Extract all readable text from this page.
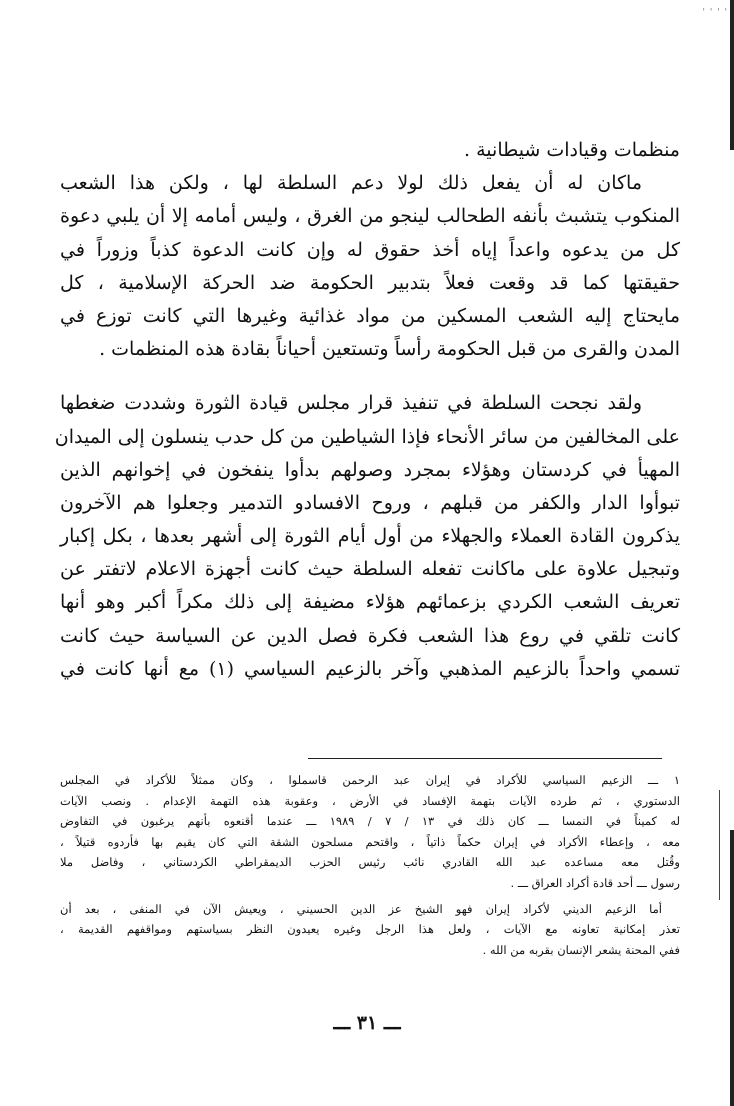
' ' ' '
منظمات وقيادات شيطانية .
ماكان له أن يفعل ذلك لولا دعم السلطة لها ، ولكن هذا الشعب
المنكوب يتشبث بأنفه الطحالب لينجو من الغرق ، وليس أمامه إلا أن يلبي دعوة
كل من يدعوه واعداً إياه أخذ حقوق له وإن كانت الدعوة كذباً وزوراً في
حقيقتها كما قد وقعت فعلاً بتدبير الحكومة ضد الحركة الإسلامية ، كل
مايحتاج إليه الشعب المسكين من مواد غذائية وغيرها التي كانت توزع في
المدن والقرى من قبل الحكومة رأساً وتستعين أحياناً بقادة هذه المنظمات .
ولقد نجحت السلطة في تنفيذ قرار مجلس قيادة الثورة وشددت ضغطها
على المخالفين من سائر الأنحاء فإذا الشياطين من كل حدب ينسلون إلى الميدان
المهيأ في كردستان وهؤلاء بمجرد وصولهم بدأوا ينفخون في إخوانهم الذين
تبوأوا الدار والكفر من قبلهم ، وروح الافسادو التدمير وجعلوا هم الآخرون
يذكرون القادة العملاء والجهلاء من أول أيام الثورة إلى أشهر بعدها ، بكل إكبار
وتبجيل علاوة على ماكانت تفعله السلطة حيث كانت أجهزة الاعلام لاتفتر عن
تعريف الشعب الكردي بزعمائهم هؤلاء مضيفة إلى ذلك مكراً أكبر وهو أنها
كانت تلقي في روع هذا الشعب فكرة فصل الدين عن السياسة حيث كانت
تسمي واحداً بالزعيم المذهبي وآخر بالزعيم السياسي (١) مع أنها كانت في
١ ـــ الزعيم السياسي للأكراد في إيران عبد الرحمن قاسملوا ، وكان ممثلاً للأكراد في المجلس
الدستوري ، ثم طرده الآيات بتهمة الإفساد في الأرض ، وعقوبة هذه التهمة الإعدام . ونصب الآيات
له كميناً في النمسا ـــ كان ذلك في ١٣ / ٧ / ١٩٨٩ ـــ عندما أقنعوه بأنهم يرغبون في التفاوض
معه ، وإعطاء الأكراد في إيران حكماً ذاتياً ، واقتحم مسلحون الشقة التي كان يقيم بها فأردوه قتيلاً ،
وقُتل معه مساعده عبد الله القادري نائب رئيس الحزب الديمقراطي الكردستاني ، وفاضل ملا
رسول ـــ أحد قادة أكراد العراق ـــ .
أما الزعيم الديني لأكراد إيران فهو الشيخ عز الدين الحسيني ، ويعيش الآن في المنفى ، بعد أن
تعذر إمكانية تعاونه مع الآيات ، ولعل هذا الرجل وغيره يعيدون النظر بسياستهم ومواقفهم القديمة ،
ففي المحنة يشعر الإنسان بقربه من الله .
ـــ ٣١ ـــ
